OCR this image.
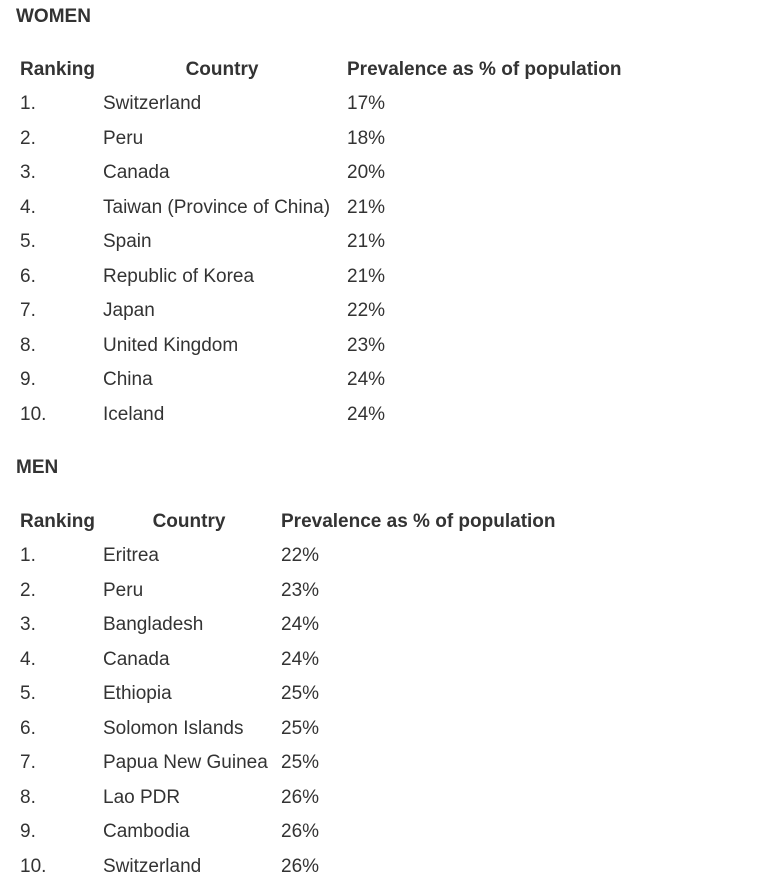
WOMEN
Ranking	Country	Prevalence as % of population
1.	Switzerland	17%
2.	Peru	18%
3.	Canada	20%
4.	Taiwan (Province of China)	21%
5.	Spain	21%
6.	Republic of Korea	21%
7.	Japan	22%
8.	United Kingdom	23%
9.	China	24%
10.	Iceland	24%
MEN
Ranking	Country	Prevalence as % of population
1.	Eritrea	22%
2.	Peru	23%
3.	Bangladesh	24%
4.	Canada	24%
5.	Ethiopia	25%
6.	Solomon Islands	25%
7.	Papua New Guinea	25%
8.	Lao PDR	26%
9.	Cambodia	26%
10.	Switzerland	26%
